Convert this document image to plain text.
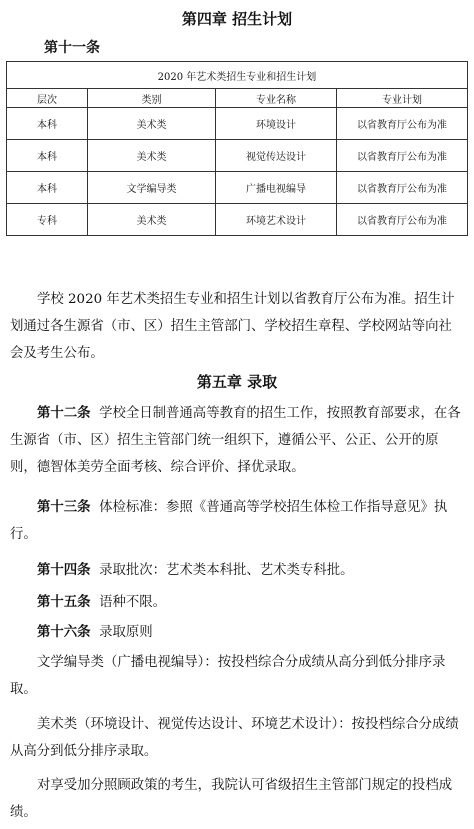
第四章 招生计划
第十一条
2020 年艺术类招生专业和招生计划			
层次	类别	专业名称	专业计划
本科	美术类	环境设计	以省教育厅公布为准
本科	美术类	视觉传达设计	以省教育厅公布为准
本科	文学编导类	广播电视编导	以省教育厅公布为准
专科	美术类	环境艺术设计	以省教育厅公布为准
学校 2020 年艺术类招生专业和招生计划以省教育厅公布为准。招生计划通过各生源省（市、区）招生主管部门、学校招生章程、学校网站等向社会及考生公布。
第五章 录取
第十二条 学校全日制普通高等教育的招生工作，按照教育部要求，在各生源省（市、区）招生主管部门统一组织下，遵循公平、公正、公开的原则，德智体美劳全面考核、综合评价、择优录取。
第十三条 体检标准：参照《普通高等学校招生体检工作指导意见》执行。
第十四条 录取批次：艺术类本科批、艺术类专科批。
第十五条 语种不限。
第十六条 录取原则
文学编导类（广播电视编导）：按投档综合分成绩从高分到低分排序录取。
美术类（环境设计、视觉传达设计、环境艺术设计）：按投档综合分成绩从高分到低分排序录取。
对享受加分照顾政策的考生，我院认可省级招生主管部门规定的投档成绩。
